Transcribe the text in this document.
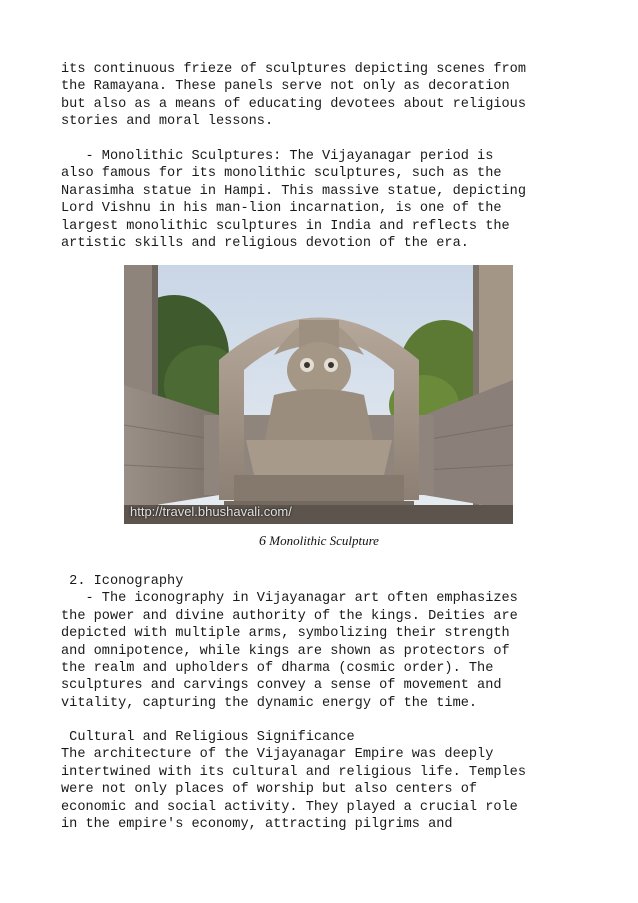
its continuous frieze of sculptures depicting scenes from
the Ramayana. These panels serve not only as decoration
but also as a means of educating devotees about religious
stories and moral lessons.

- Monolithic Sculptures: The Vijayanagar period is
also famous for its monolithic sculptures, such as the
Narasimha statue in Hampi. This massive statue, depicting
Lord Vishnu in his man-lion incarnation, is one of the
largest monolithic sculptures in India and reflects the
artistic skills and religious devotion of the era.

http://travel.bhushavali.com/
6 Monolithic Sculpture

2. Iconography
- The iconography in Vijayanagar art often emphasizes
the power and divine authority of the kings. Deities are
depicted with multiple arms, symbolizing their strength
and omnipotence, while kings are shown as protectors of
the realm and upholders of dharma (cosmic order). The
sculptures and carvings convey a sense of movement and
vitality, capturing the dynamic energy of the time.

Cultural and Religious Significance
The architecture of the Vijayanagar Empire was deeply
intertwined with its cultural and religious life. Temples
were not only places of worship but also centers of
economic and social activity. They played a crucial role
in the empire's economy, attracting pilgrims and
